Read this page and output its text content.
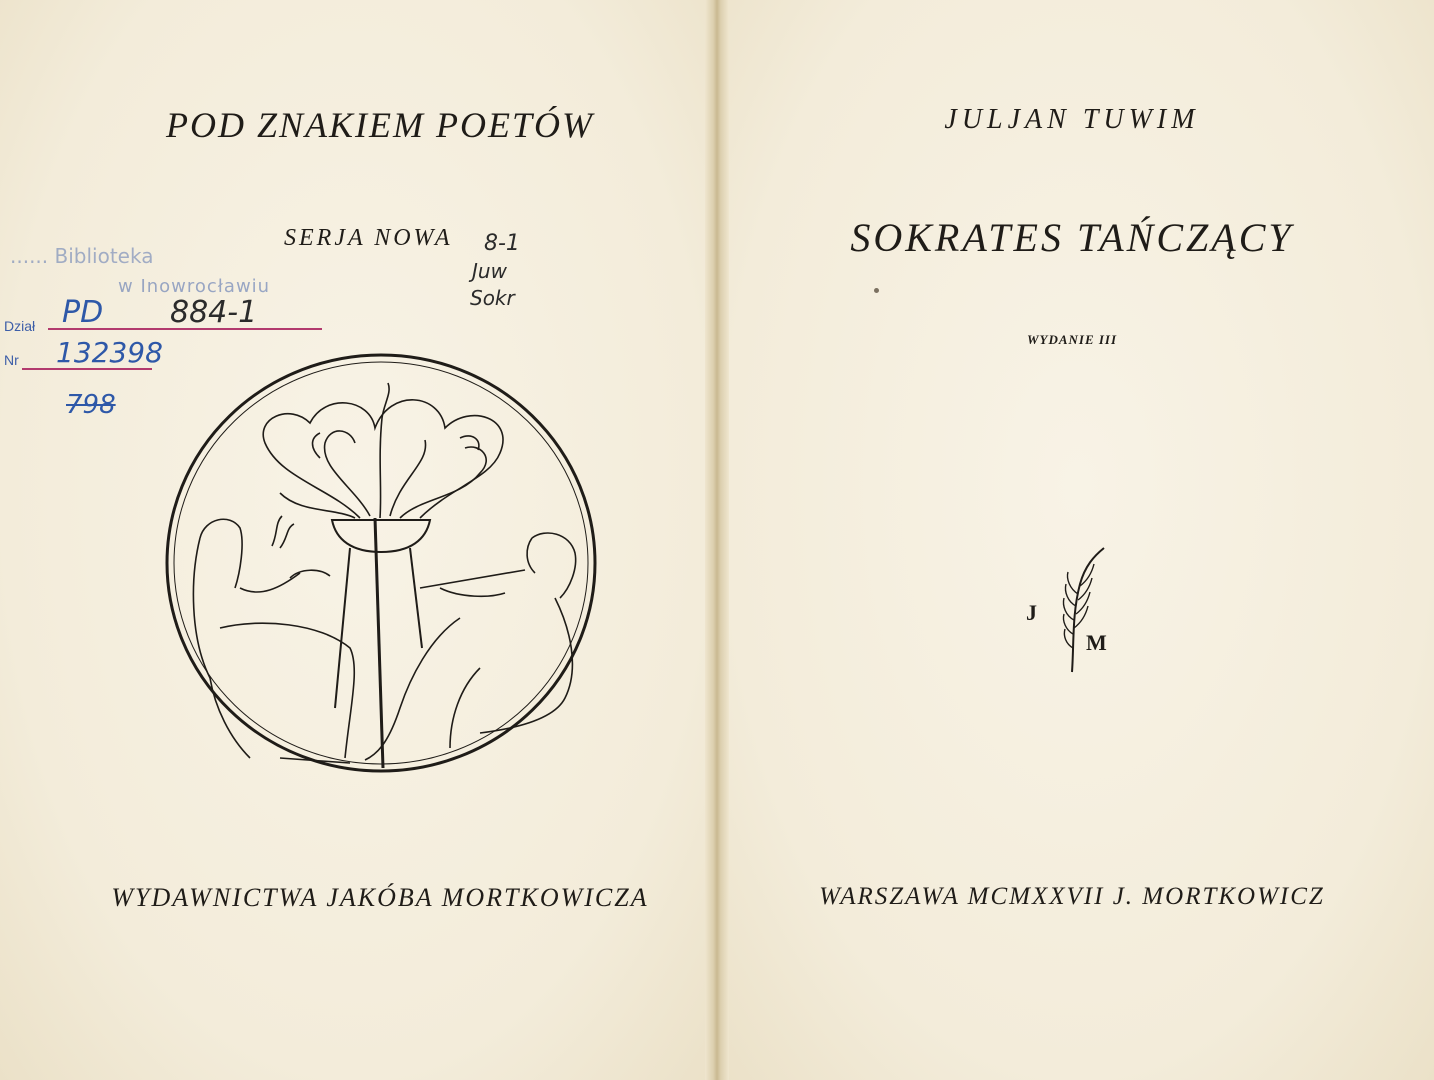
POD ZNAKIEM POETÓW
...... Biblioteka
w Inowrocławiu
SERJA NOWA 8-1
Juw
Sokr
Dział
Nr
PD 884-1
132398
798
WYDAWNICTWA JAKÓBA MORTKOWICZA
JULJAN TUWIM
SOKRATES TAŃCZĄCY
WYDANIE III
J
M
WARSZAWA MCMXXVII J. MORTKOWICZ
